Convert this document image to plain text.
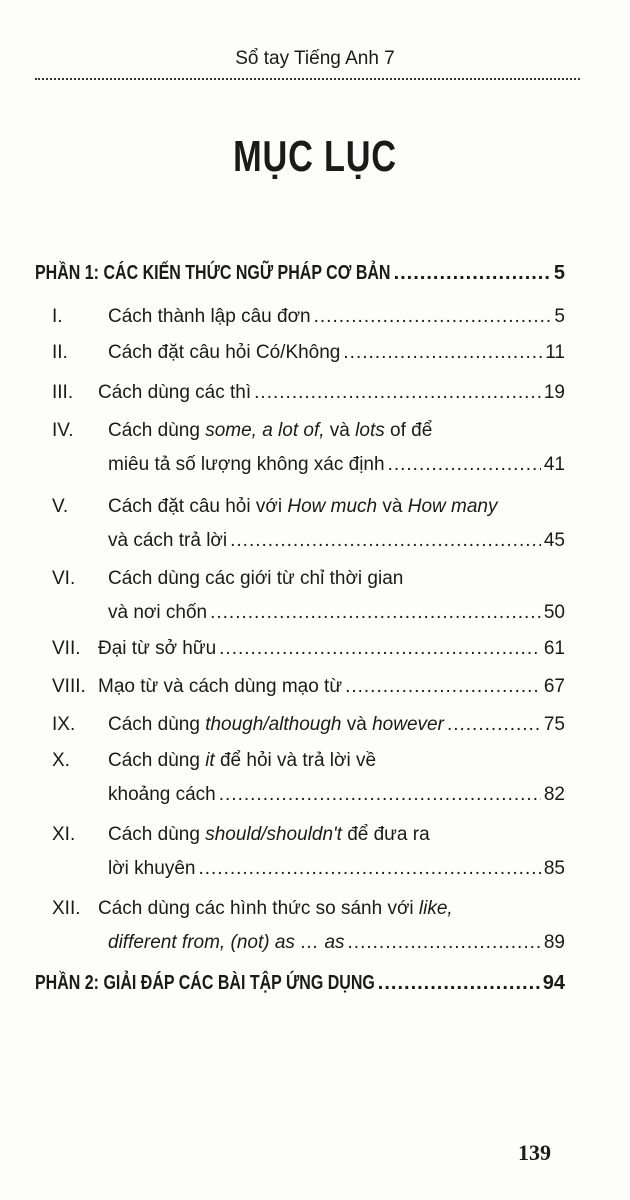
Sổ tay Tiếng Anh 7
MỤC LỤC
PHẦN 1: CÁC KIẾN THỨC NGỮ PHÁP CƠ BẢN .....	5
I. Cách thành lập câu đơn .....	5
II. Cách đặt câu hỏi Có/Không .....	11
III. Cách dùng các thì .....	19
IV. Cách dùng some, a lot of, và lots of để
miêu tả số lượng không xác định .....	41
V. Cách đặt câu hỏi với How much và How many
và cách trả lời .....	45
VI. Cách dùng các giới từ chỉ thời gian
và nơi chốn .....	50
VII. Đại từ sở hữu .....	61
VIII. Mạo từ và cách dùng mạo từ .....	67
IX. Cách dùng though/although và however .....	75
X. Cách dùng it để hỏi và trả lời về
khoảng cách .....	82
XI. Cách dùng should/shouldn't để đưa ra
lời khuyên .....	85
XII. Cách dùng các hình thức so sánh với like,
different from, (not) as … as .....	89
PHẦN 2: GIẢI ĐÁP CÁC BÀI TẬP ỨNG DỤNG .....	94
139
